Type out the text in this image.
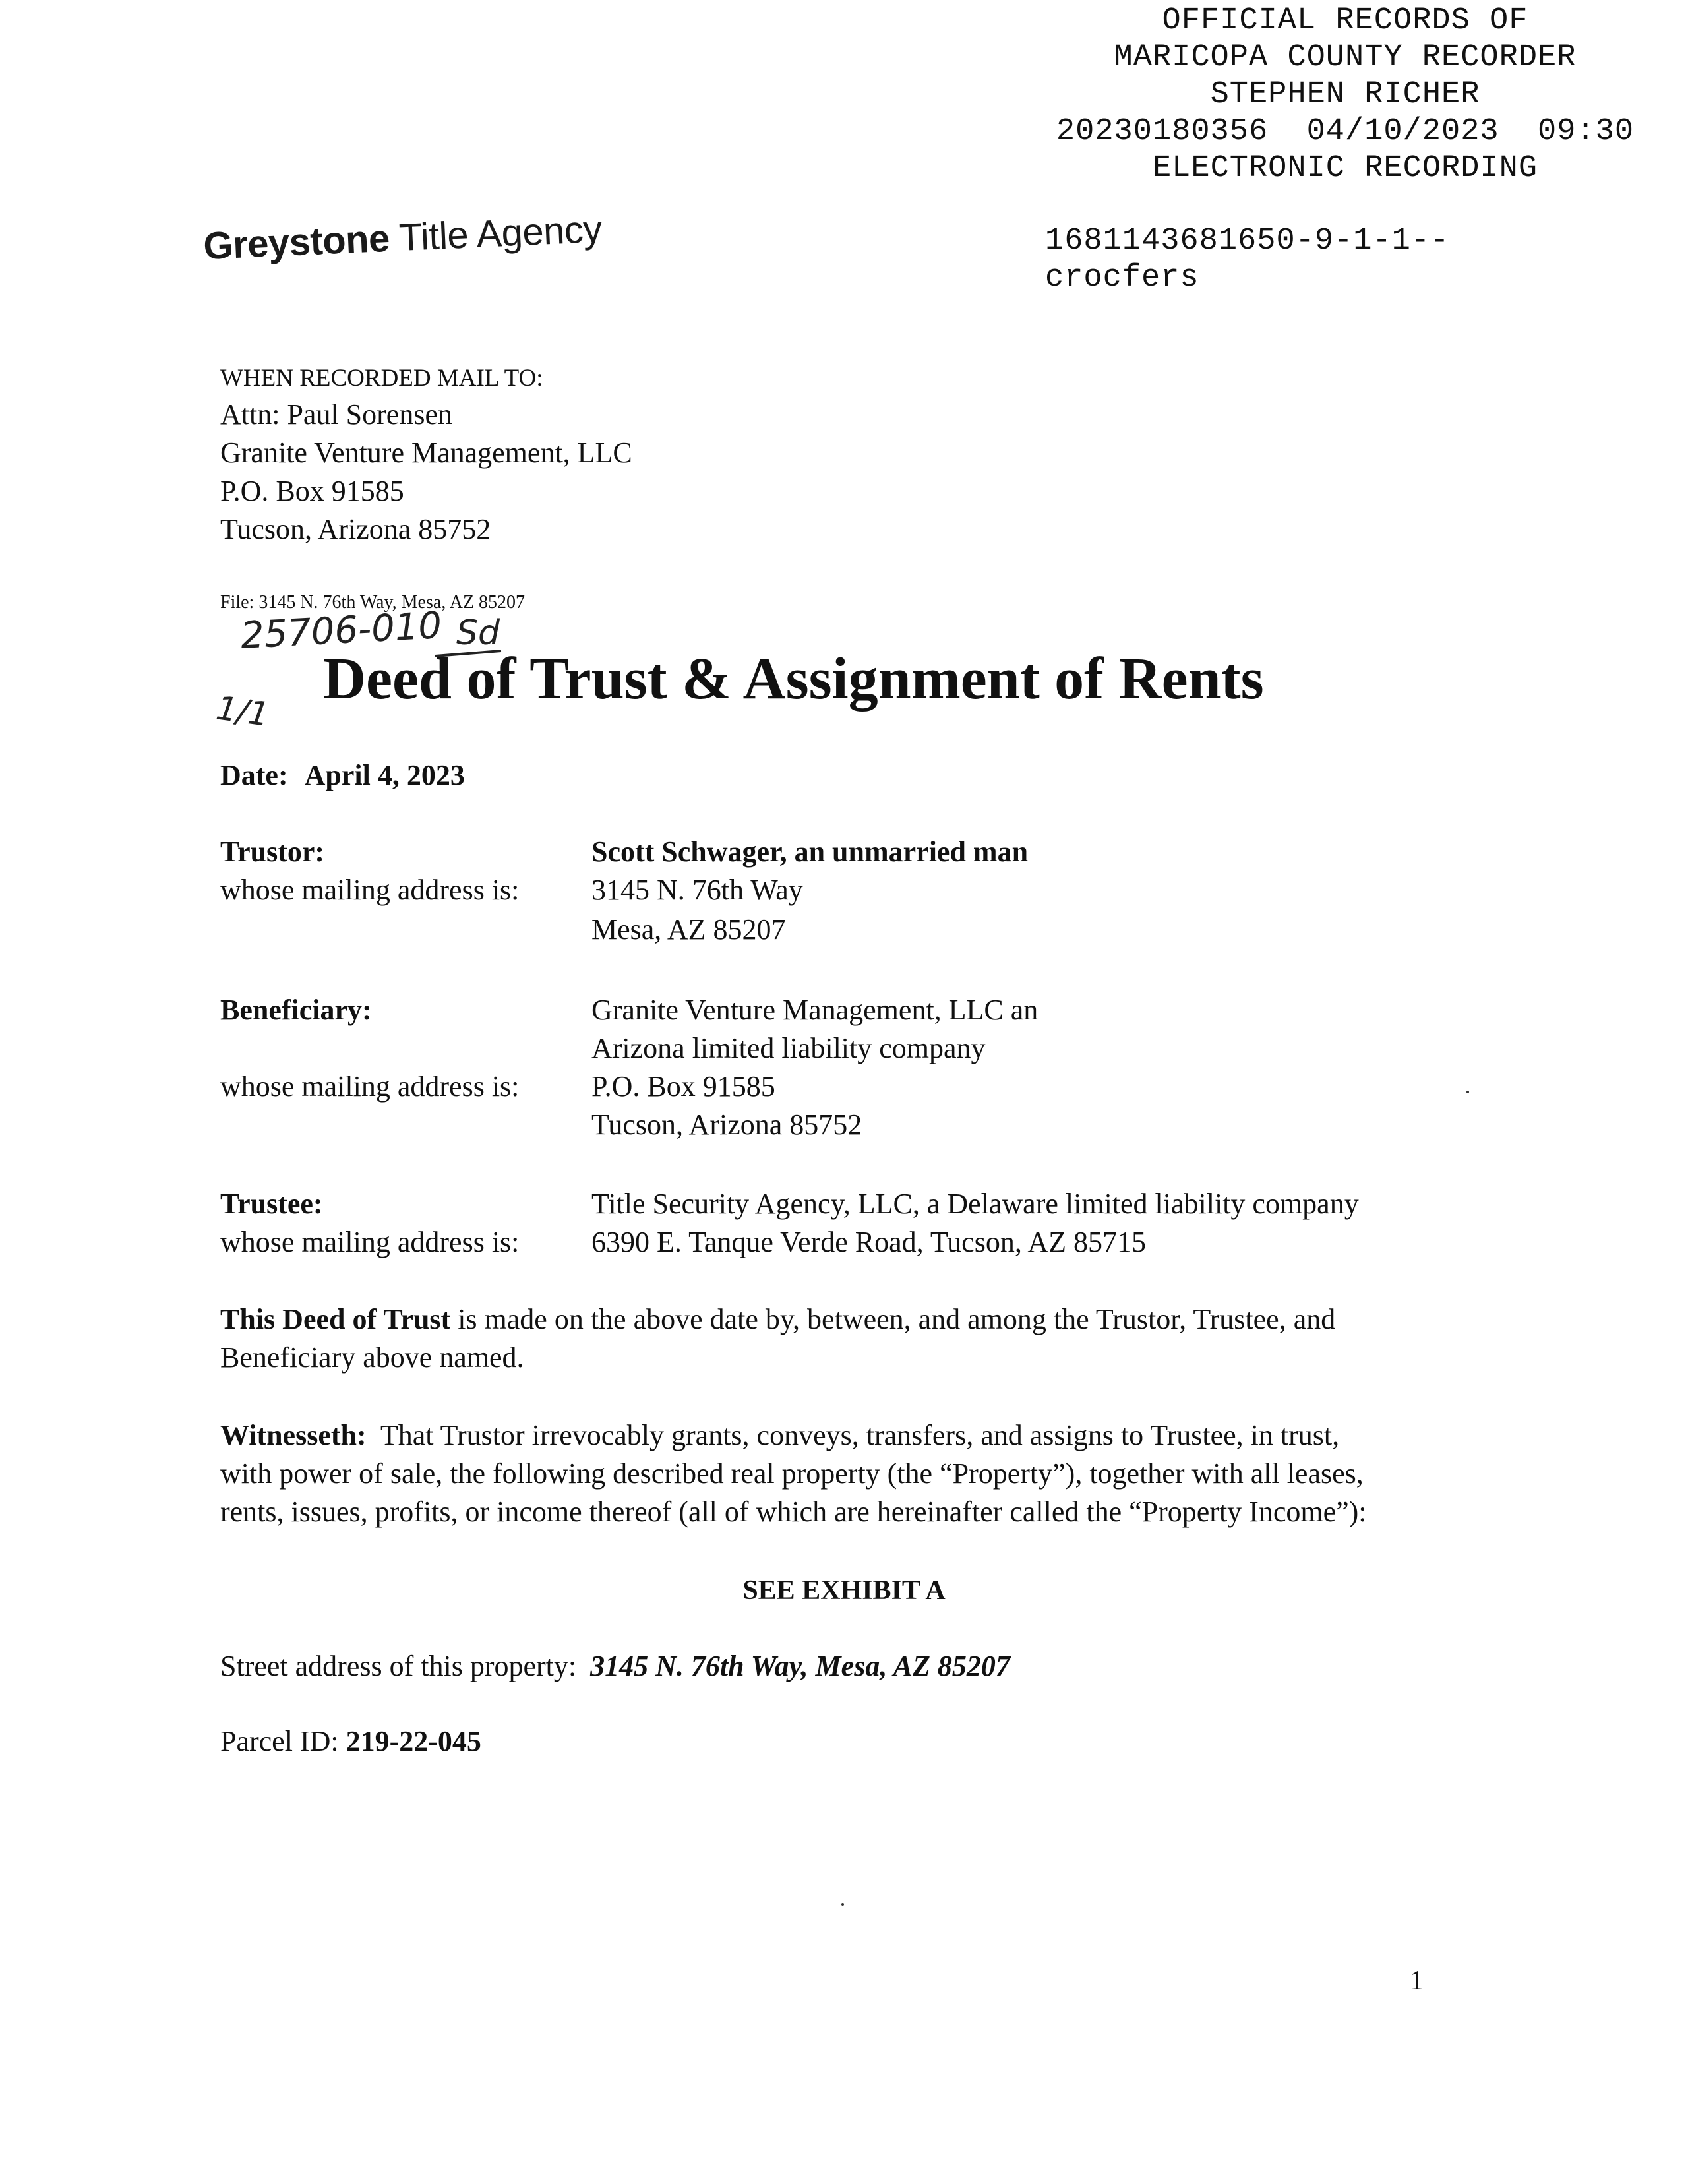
OFFICIAL RECORDS OF
MARICOPA COUNTY RECORDER
STEPHEN RICHER
20230180356  04/10/2023  09:30
ELECTRONIC RECORDING
1681143681650-9-1-1--
crocfers
Greystone Title Agency
WHEN RECORDED MAIL TO:
Attn: Paul Sorensen
Granite Venture Management, LLC
P.O. Box 91585
Tucson, Arizona 85752
File: 3145 N. 76th Way, Mesa, AZ 85207
25706-010 Sd
1/1 Deed of Trust & Assignment of Rents
Date: April 4, 2023
Trustor:
whose mailing address is:
Scott Schwager, an unmarried man
3145 N. 76th Way
Mesa, AZ 85207
Beneficiary:
whose mailing address is:
Granite Venture Management, LLC an
Arizona limited liability company
P.O. Box 91585
Tucson, Arizona 85752
Trustee:
whose mailing address is:
Title Security Agency, LLC, a Delaware limited liability company
6390 E. Tanque Verde Road, Tucson, AZ 85715
This Deed of Trust is made on the above date by, between, and among the Trustor, Trustee, and
Beneficiary above named.
Witnesseth:  That Trustor irrevocably grants, conveys, transfers, and assigns to Trustee, in trust,
with power of sale, the following described real property (the “Property”), together with all leases,
rents, issues, profits, or income thereof (all of which are hereinafter called the “Property Income”):
SEE EXHIBIT A
Street address of this property: 3145 N. 76th Way, Mesa, AZ 85207
Parcel ID: 219-22-045
1
